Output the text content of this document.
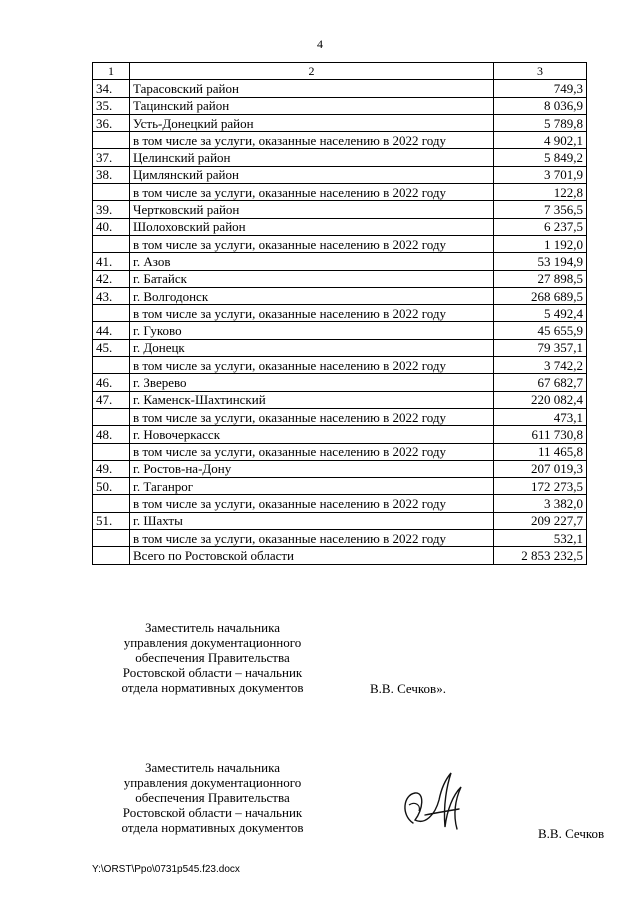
4
1	2	3
34.	Тарасовский район	749,3
35.	Тацинский район	8 036,9
36.	Усть-Донецкий район	5 789,8
	в том числе за услуги, оказанные населению в 2022 году	4 902,1
37.	Целинский район	5 849,2
38.	Цимлянский район	3 701,9
	в том числе за услуги, оказанные населению в 2022 году	122,8
39.	Чертковский район	7 356,5
40.	Шолоховский район	6 237,5
	в том числе за услуги, оказанные населению в 2022 году	1 192,0
41.	г. Азов	53 194,9
42.	г. Батайск	27 898,5
43.	г. Волгодонск	268 689,5
	в том числе за услуги, оказанные населению в 2022 году	5 492,4
44.	г. Гуково	45 655,9
45.	г. Донецк	79 357,1
	в том числе за услуги, оказанные населению в 2022 году	3 742,2
46.	г. Зверево	67 682,7
47.	г. Каменск-Шахтинский	220 082,4
	в том числе за услуги, оказанные населению в 2022 году	473,1
48.	г. Новочеркасск	611 730,8
	в том числе за услуги, оказанные населению в 2022 году	11 465,8
49.	г. Ростов-на-Дону	207 019,3
50.	г. Таганрог	172 273,5
	в том числе за услуги, оказанные населению в 2022 году	3 382,0
51.	г. Шахты	209 227,7
	в том числе за услуги, оказанные населению в 2022 году	532,1
	Всего по Ростовской области	2 853 232,5
Заместитель начальника
управления документационного
обеспечения Правительства
Ростовской области – начальник
отдела нормативных документов	В.В. Сечков».
Заместитель начальника
управления документационного
обеспечения Правительства
Ростовской области – начальник
отдела нормативных документов	В.В. Сечков
Y:\ORST\Ppo\0731p545.f23.docx
